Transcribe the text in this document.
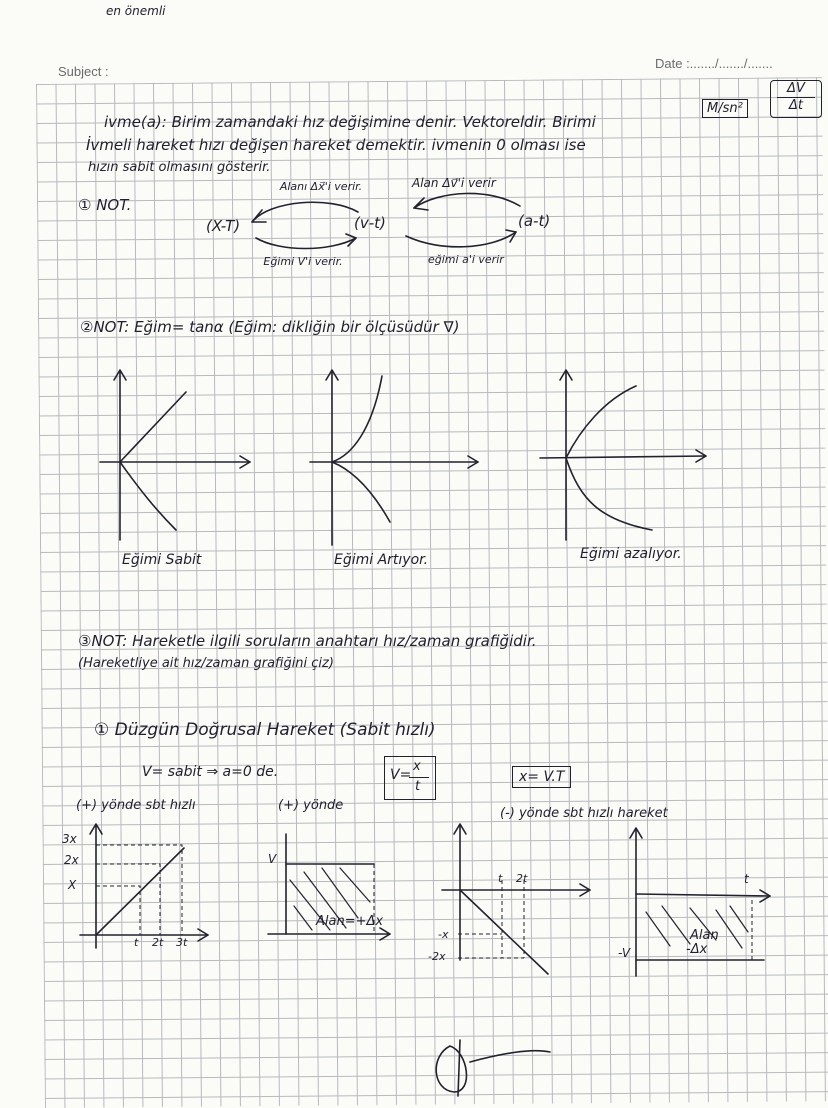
en önemli
Subject :
Date :......./......./.......
ΔV
Δt
ivme(a): Birim zamandaki hız değişimine denir. Vektoreldir. Birimi
M/sn²
İvmeli hareket hızı değişen hareket demektir. ivmenin 0 olması ise
hızın sabit olmasını gösterir.
① NOT.
(X-T)	(v-t)	(a-t)
Alanı Δx⃗'i verir.	Alan Δv⃗'i verir
Eğimi V'i verir.	eğimi a'i verir
②NOT: Eğim= tanα (Eğim: dikliğin bir ölçüsüdür ∇)
Eğimi Sabit	Eğimi Artıyor.	Eğimi azalıyor.
③NOT: Hareketle ilgili soruların anahtarı hız/zaman grafiğidir.
(Hareketliye ait hız/zaman grafiğini çiz)
① Düzgün Doğrusal Hareket (Sabit hızlı)
V= sabit ⇒ a=0 de.	V=
x
t
x= V.T
(+) yönde sbt hızlı	(+) yönde
(-) yönde sbt hızlı hareket
3x
2x
X
t 2t 3t
V
Alan=+Δx
t 2t
-x
-2x
t
-V
Alan
-Δx
